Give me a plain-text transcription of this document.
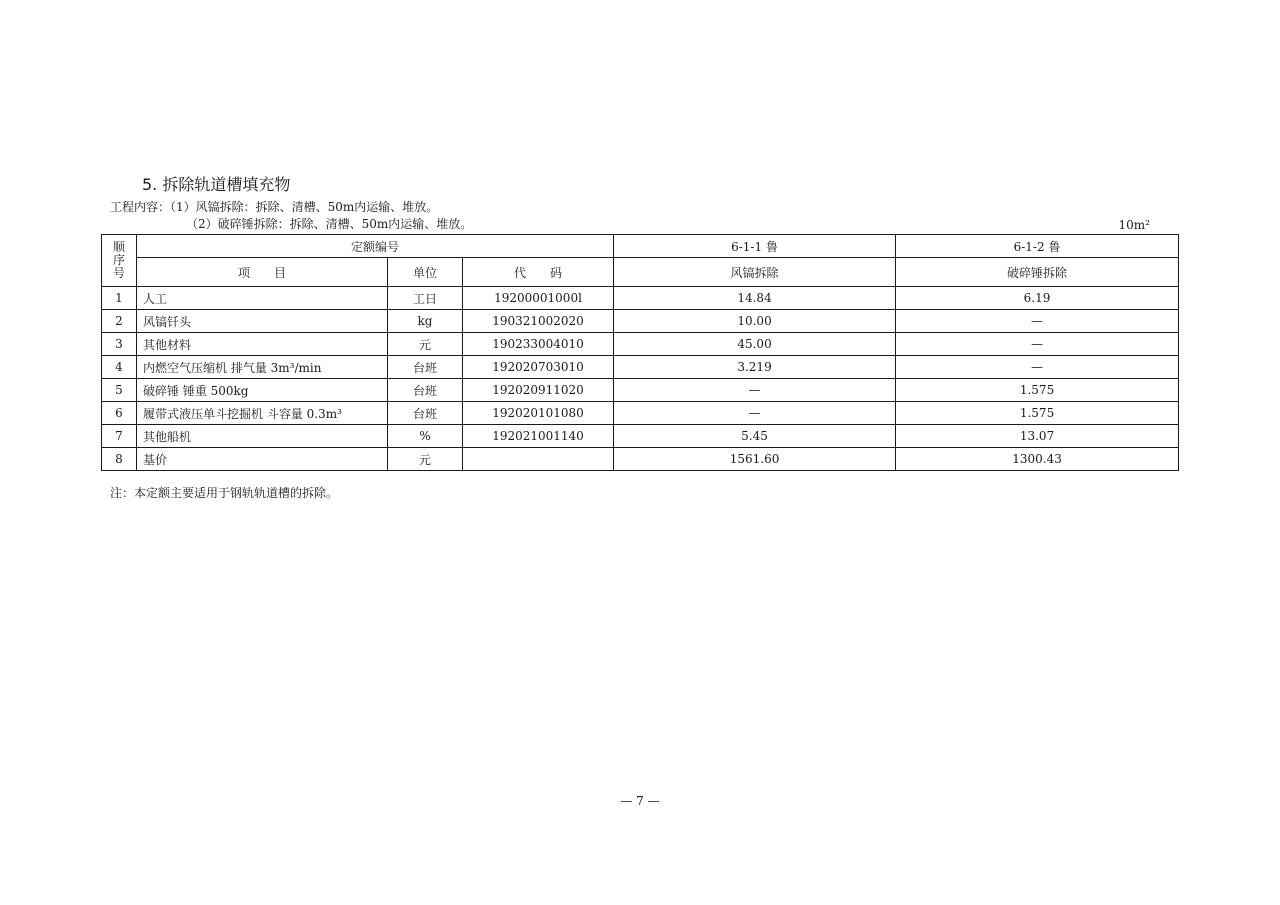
5. 拆除轨道槽填充物
工程内容：（1）风镐拆除：拆除、清槽、50m内运输、堆放。
（2）破碎锤拆除：拆除、清槽、50m内运输、堆放。	10m²
顺序号	定额编号			6-1-1 鲁	6-1-2 鲁
	项　　目	单位	代　　码	风镐拆除	破碎锤拆除
1	人工	工日	19200001000l	14.84	6.19
2	风镐钎头	kg	190321002020	10.00	—
3	其他材料	元	190233004010	45.00	—
4	内燃空气压缩机 排气量 3m³/min	台班	192020703010	3.219	—
5	破碎锤 锤重 500kg	台班	192020911020	—	1.575
6	履带式液压单斗挖掘机 斗容量 0.3m³	台班	192020101080	—	1.575
7	其他船机	%	192021001140	5.45	13.07
8	基价	元		1561.60	1300.43
注：本定额主要适用于钢轨轨道槽的拆除。
— 7 —
